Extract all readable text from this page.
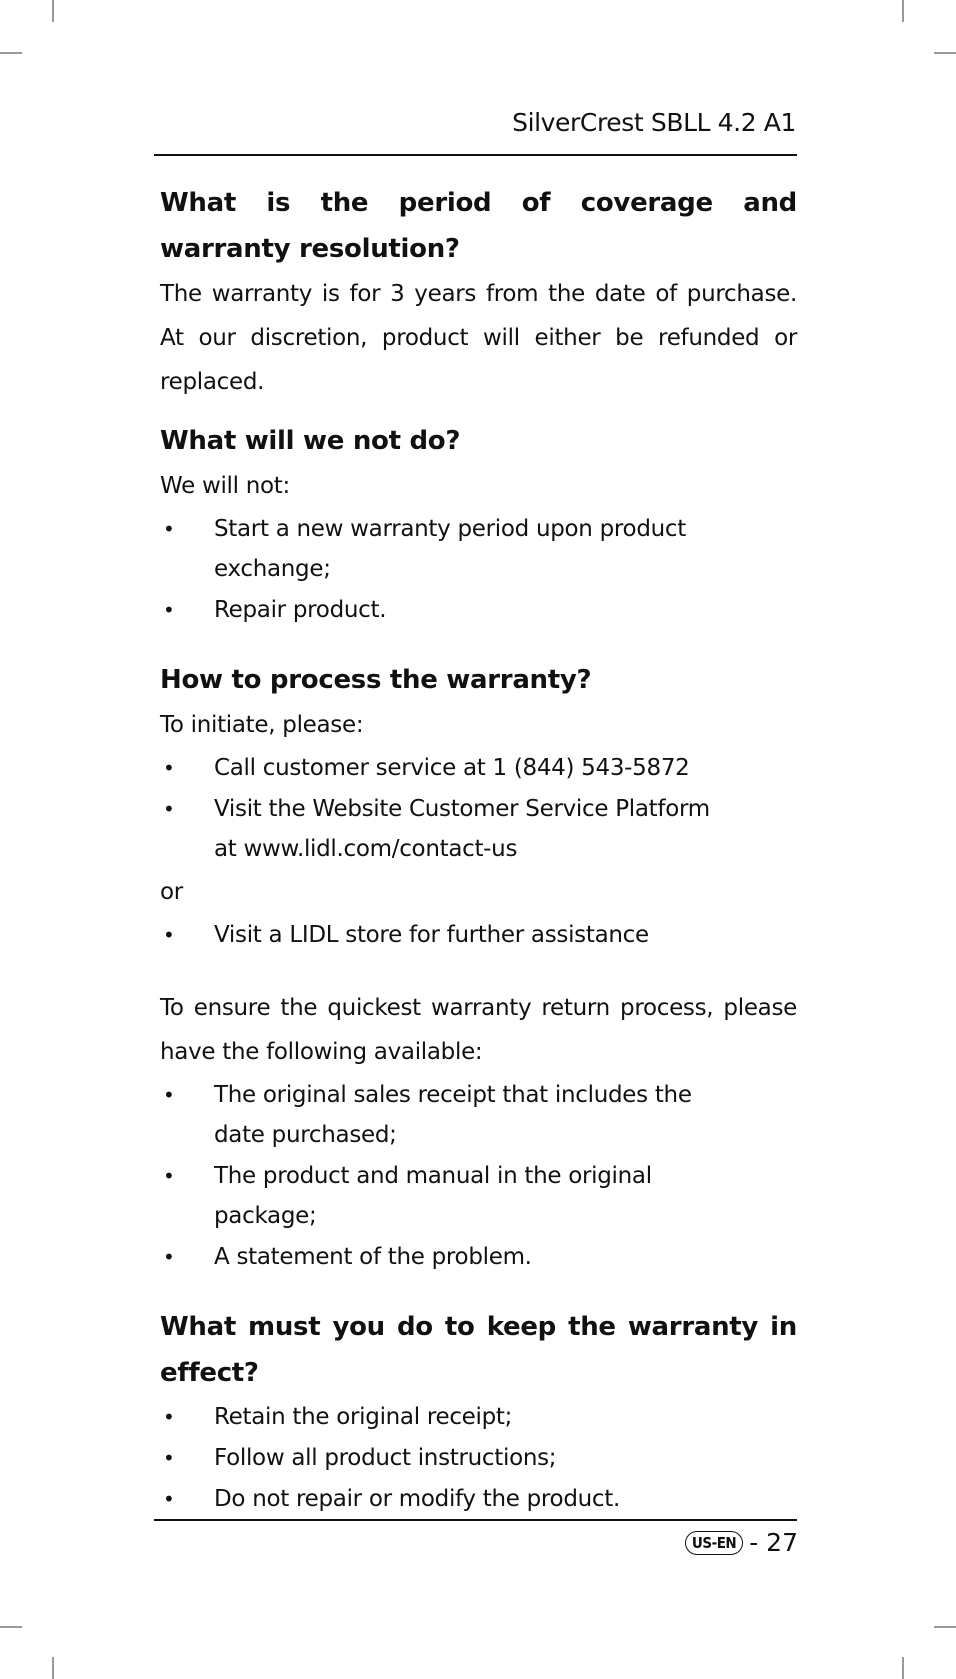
SilverCrest SBLL 4.2 A1
What is the period of coverage and warranty resolution?

The warranty is for 3 years from the date of purchase. At our discretion, product will either be refunded or replaced.

What will we not do?

We will not:

• Start a new warranty period upon product exchange;
• Repair product.
How to process the warranty?

To initiate, please:

• Call customer service at 1 (844) 543-5872
• Visit the Website Customer Service Platform at www.lidl.com/contact-us

or

• Visit a LIDL store for further assistance

To ensure the quickest warranty return process, please have the following available:

• The original sales receipt that includes the date purchased;
• The product and manual in the original package;
• A statement of the problem.
What must you do to keep the warranty in effect?
• Retain the original receipt;
• Follow all product instructions;
• Do not repair or modify the product.
US-EN - 27
